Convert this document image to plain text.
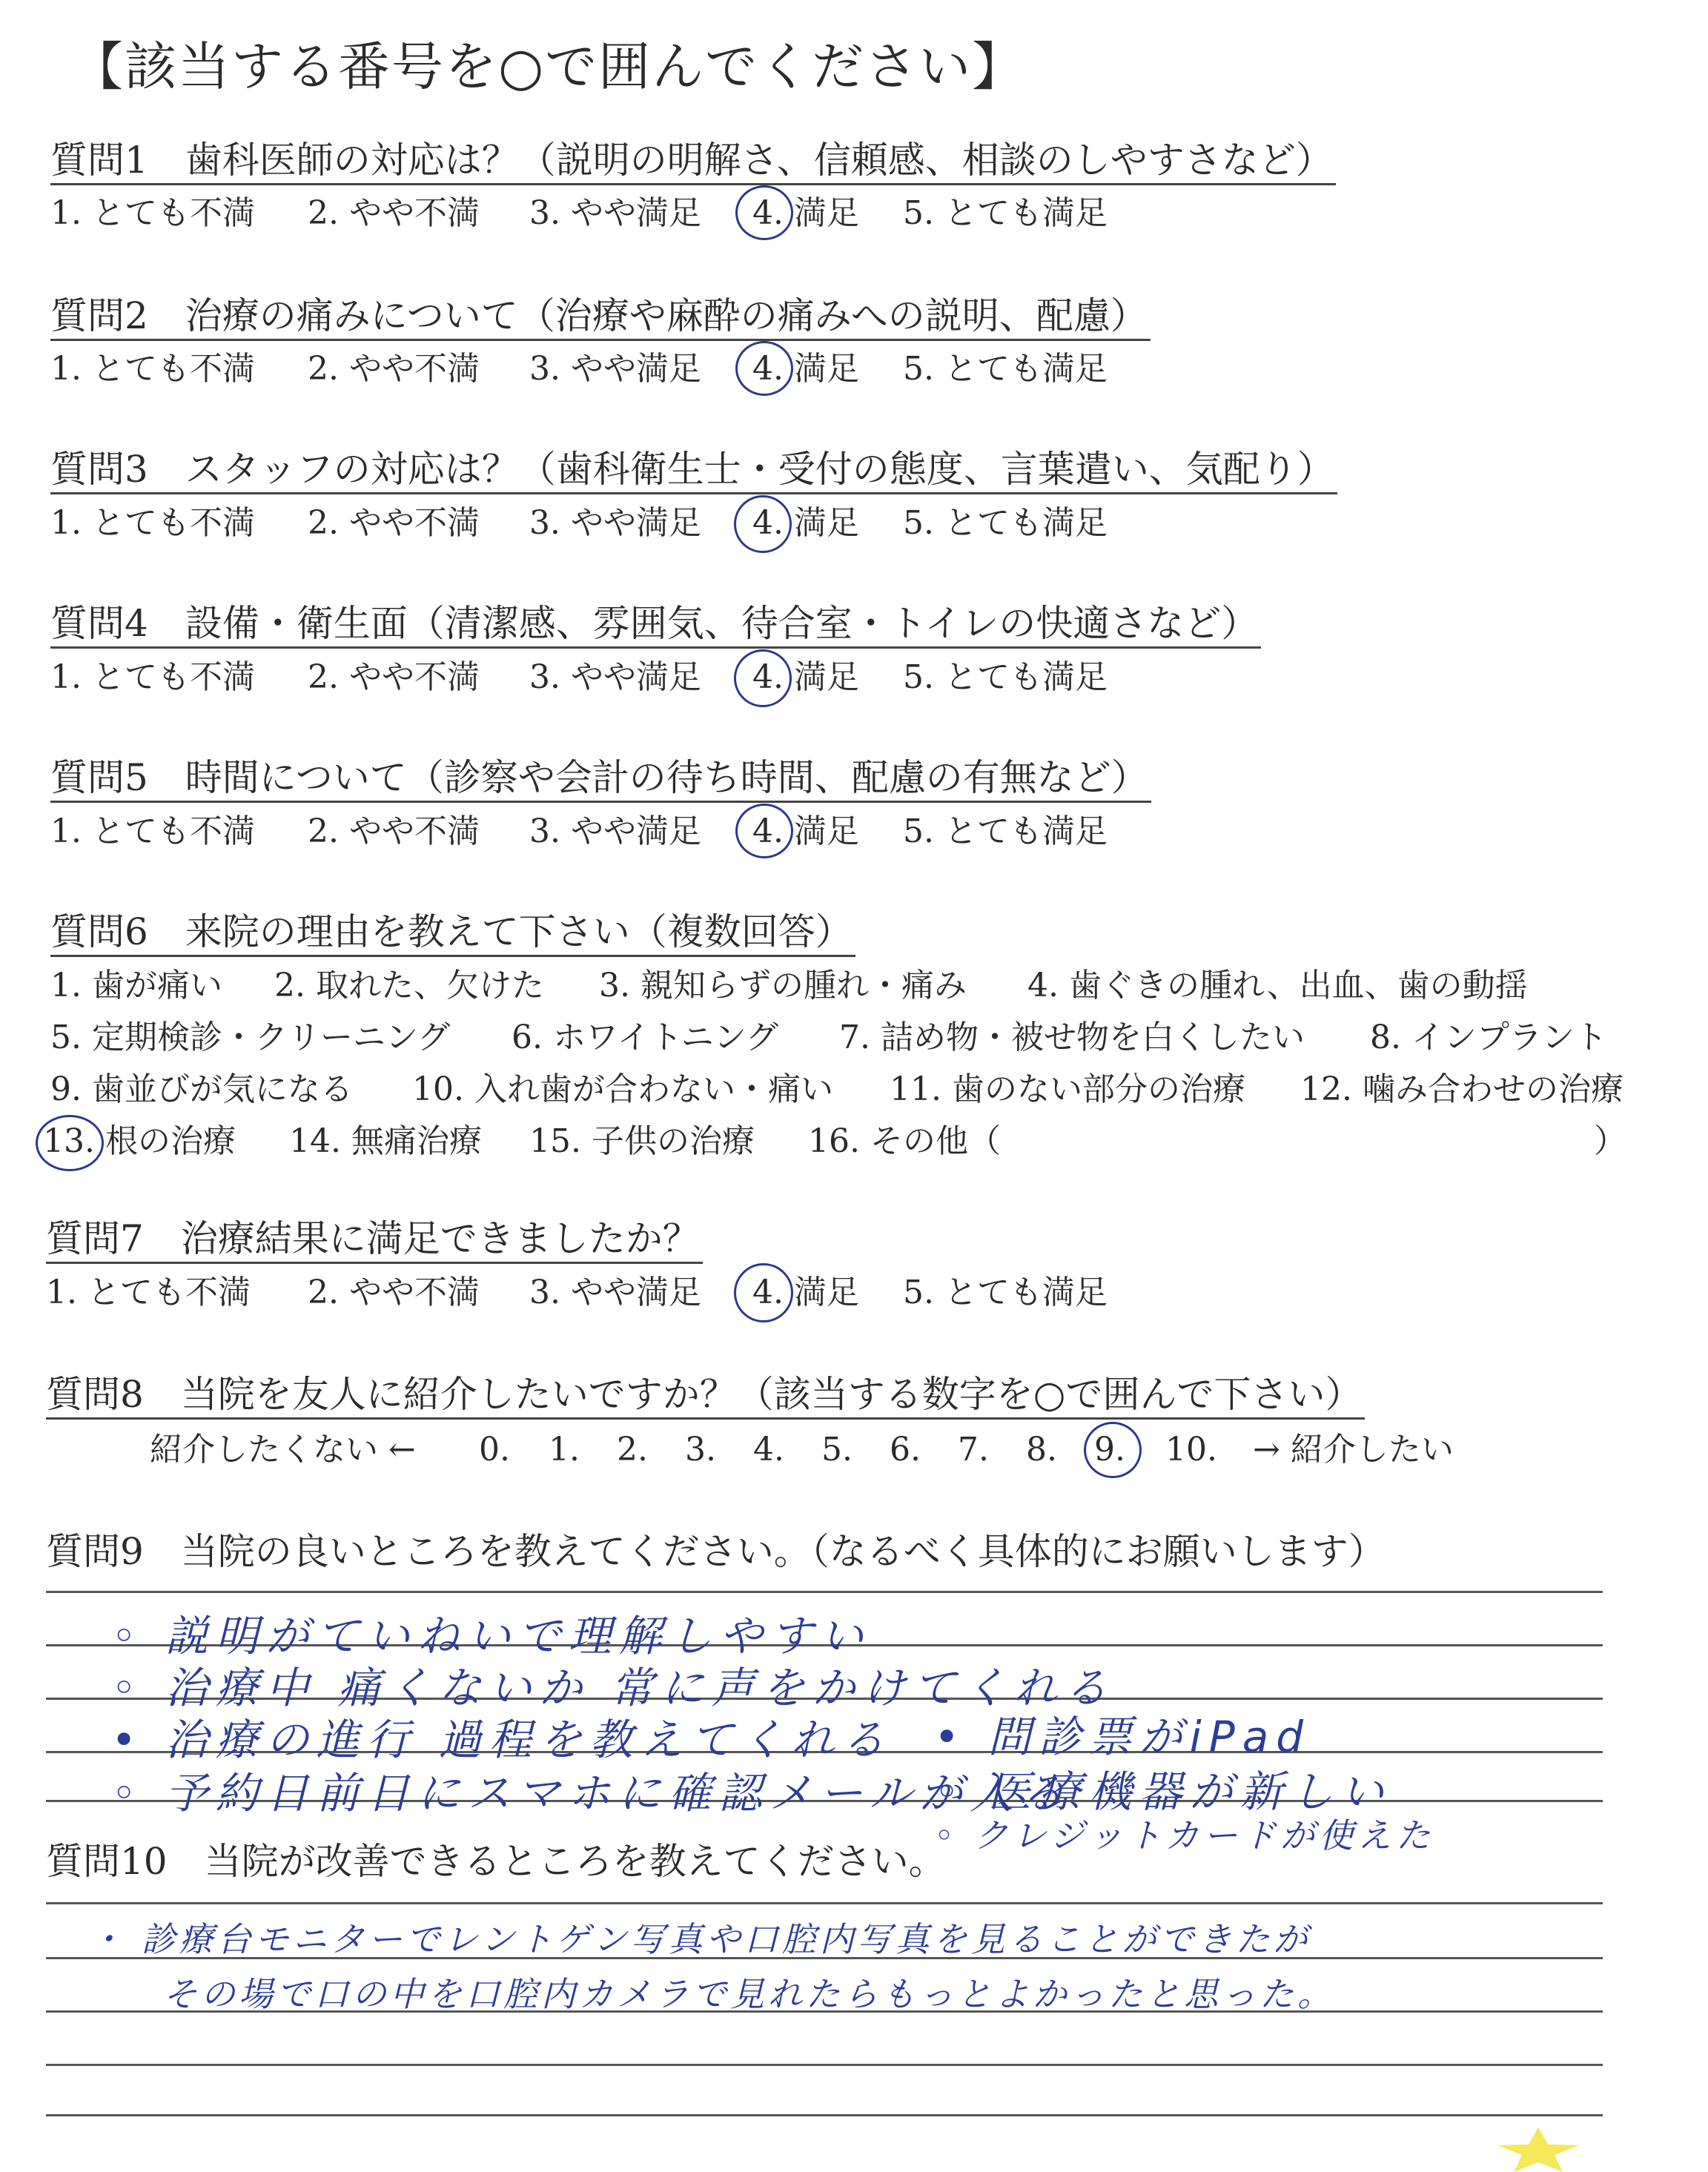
【該当する番号を○で囲んでください】
質問1　歯科医師の対応は？（説明の明解さ、信頼感、相談のしやすさなど）
1. とても不満 2. やや不満 3. やや満足 4. 満足 5. とても満足
質問2　治療の痛みについて（治療や麻酔の痛みへの説明、配慮）
1. とても不満 2. やや不満 3. やや満足 4. 満足 5. とても満足
質問3　スタッフの対応は？（歯科衛生士・受付の態度、言葉遣い、気配り）
1. とても不満 2. やや不満 3. やや満足 4. 満足 5. とても満足
質問4　設備・衛生面（清潔感、雰囲気、待合室・トイレの快適さなど）
1. とても不満 2. やや不満 3. やや満足 4. 満足 5. とても満足
質問5　時間について（診察や会計の待ち時間、配慮の有無など）
1. とても不満 2. やや不満 3. やや満足 4. 満足 5. とても満足
質問6　来院の理由を教えて下さい（複数回答）
1. 歯が痛い 2. 取れた、欠けた 3. 親知らずの腫れ・痛み 4. 歯ぐきの腫れ、出血、歯の動揺
5. 定期検診・クリーニング 6. ホワイトニング 7. 詰め物・被せ物を白くしたい 8. インプラント
9. 歯並びが気になる 10. 入れ歯が合わない・痛い 11. 歯のない部分の治療 12. 噛み合わせの治療
13. 根の治療 14. 無痛治療 15. 子供の治療 16. その他（	）
質問7　治療結果に満足できましたか？
1. とても不満 2. やや不満 3. やや満足 4. 満足 5. とても満足
質問8　当院を友人に紹介したいですか？（該当する数字を○で囲んで下さい）
紹介したくない ← 0. 1. 2. 3. 4. 5. 6. 7. 8. 9. 10. → 紹介したい
質問9　当院の良いところを教えてください。（なるべく具体的にお願いします）
◦ 説明がていねいで理解しやすい
◦ 治療中 痛くないか 常に声をかけてくれる
• 治療の進行 過程を教えてくれる • 問診票がiPad
◦ 予約日前日にスマホに確認メールが入る
◦ 医療機器が新しい
◦ クレジットカードが使えた
質問10　当院が改善できるところを教えてください。
・ 診療台モニターでレントゲン写真や口腔内写真を見ることができたが
その場で口の中を口腔内カメラで見れたらもっとよかったと思った。
